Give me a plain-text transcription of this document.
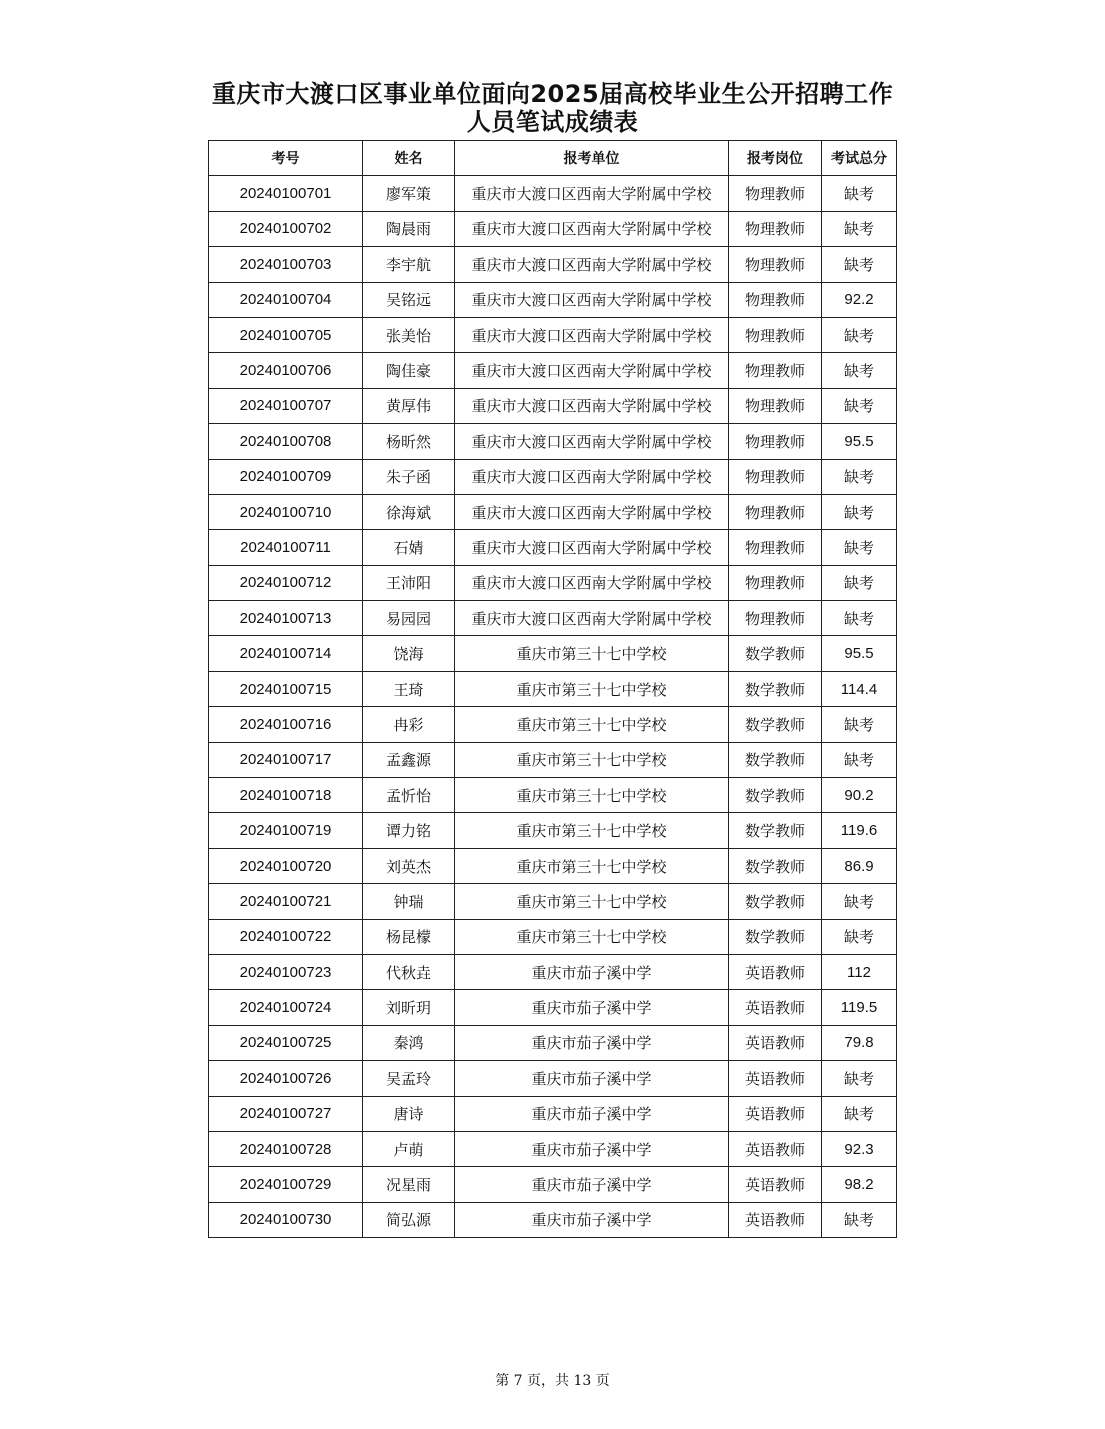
重庆市大渡口区事业单位面向2025届高校毕业生公开招聘工作
人员笔试成绩表
考号	姓名	报考单位	报考岗位	考试总分
20240100701	廖军策	重庆市大渡口区西南大学附属中学校	物理教师	缺考
20240100702	陶晨雨	重庆市大渡口区西南大学附属中学校	物理教师	缺考
20240100703	李宇航	重庆市大渡口区西南大学附属中学校	物理教师	缺考
20240100704	吴铭远	重庆市大渡口区西南大学附属中学校	物理教师	92.2
20240100705	张美怡	重庆市大渡口区西南大学附属中学校	物理教师	缺考
20240100706	陶佳豪	重庆市大渡口区西南大学附属中学校	物理教师	缺考
20240100707	黄厚伟	重庆市大渡口区西南大学附属中学校	物理教师	缺考
20240100708	杨昕然	重庆市大渡口区西南大学附属中学校	物理教师	95.5
20240100709	朱子函	重庆市大渡口区西南大学附属中学校	物理教师	缺考
20240100710	徐海斌	重庆市大渡口区西南大学附属中学校	物理教师	缺考
20240100711	石婧	重庆市大渡口区西南大学附属中学校	物理教师	缺考
20240100712	王沛阳	重庆市大渡口区西南大学附属中学校	物理教师	缺考
20240100713	易园园	重庆市大渡口区西南大学附属中学校	物理教师	缺考
20240100714	饶海	重庆市第三十七中学校	数学教师	95.5
20240100715	王琦	重庆市第三十七中学校	数学教师	114.4
20240100716	冉彩	重庆市第三十七中学校	数学教师	缺考
20240100717	孟鑫源	重庆市第三十七中学校	数学教师	缺考
20240100718	孟忻怡	重庆市第三十七中学校	数学教师	90.2
20240100719	谭力铭	重庆市第三十七中学校	数学教师	119.6
20240100720	刘英杰	重庆市第三十七中学校	数学教师	86.9
20240100721	钟瑞	重庆市第三十七中学校	数学教师	缺考
20240100722	杨昆檬	重庆市第三十七中学校	数学教师	缺考
20240100723	代秋垚	重庆市茄子溪中学	英语教师	112
20240100724	刘昕玥	重庆市茄子溪中学	英语教师	119.5
20240100725	秦鸿	重庆市茄子溪中学	英语教师	79.8
20240100726	吴孟玲	重庆市茄子溪中学	英语教师	缺考
20240100727	唐诗	重庆市茄子溪中学	英语教师	缺考
20240100728	卢萌	重庆市茄子溪中学	英语教师	92.3
20240100729	况星雨	重庆市茄子溪中学	英语教师	98.2
20240100730	简弘源	重庆市茄子溪中学	英语教师	缺考
第 7 页，共 13 页
